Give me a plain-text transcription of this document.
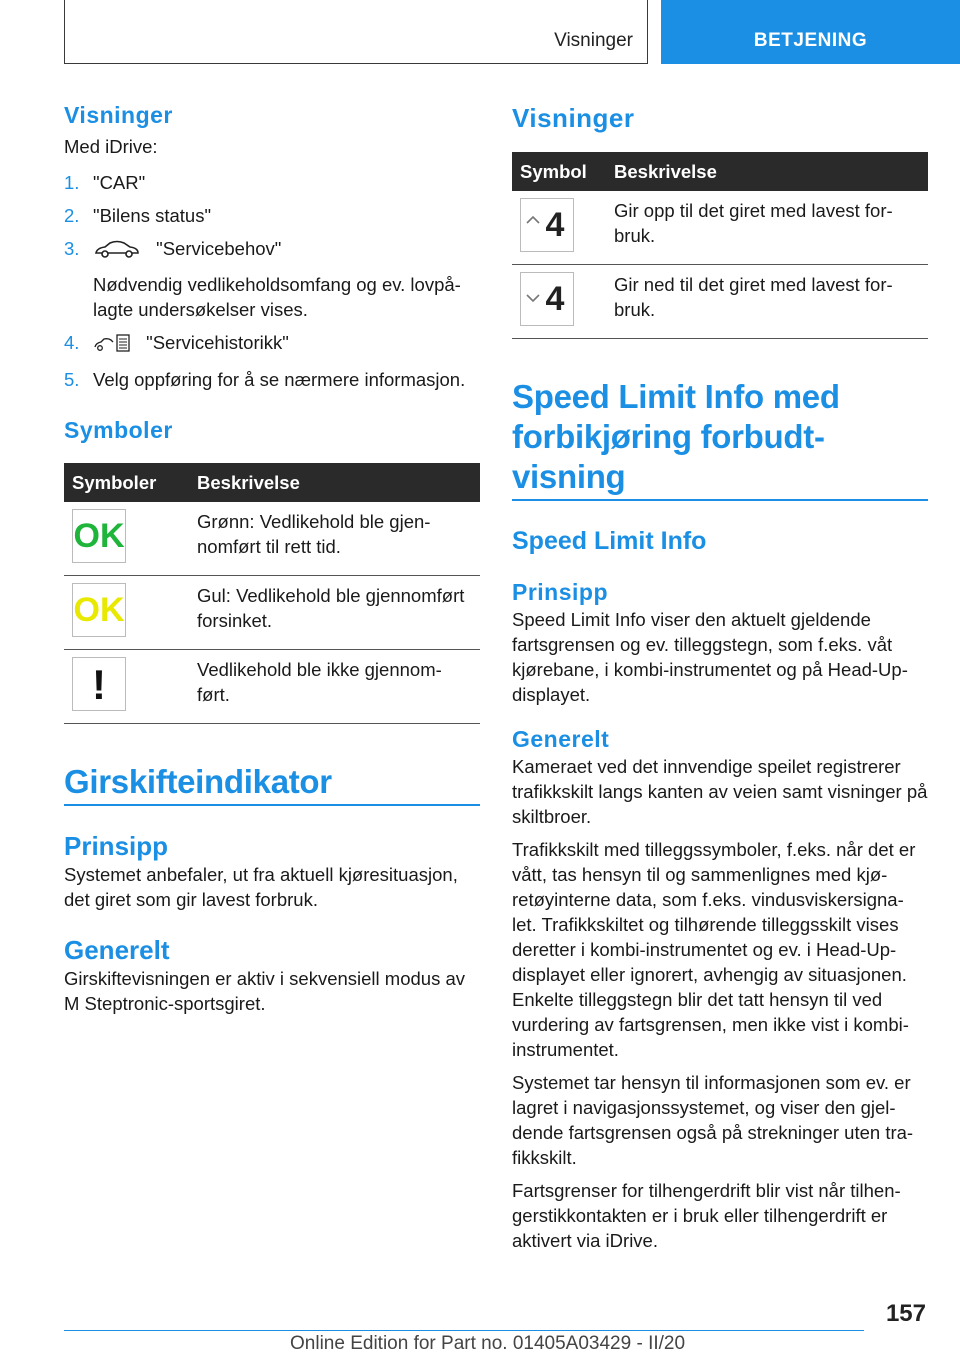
Visninger	BETJENING
Visninger

Med iDrive:

1. "CAR"
2. "Bilens status"
3.	"Servicebehov"
Nødvendig vedlikeholdsomfang og ev. lovpå-lagte undersøkelser vises.
4.	"Servicehistorikk"
5. Velg oppføring for å se nærmere informasjon.
Symboler
Symboler	Beskrivelse

OK	Grønn: Vedlikehold ble gjen-nomført til rett tid.

OK	Gul: Vedlikehold ble gjennomført forsinket.

!	Vedlikehold ble ikke gjennom-ført.
Girskifteindikator
Prinsipp

Systemet anbefaler, ut fra aktuell kjøresituasjon, det giret som gir lavest forbruk.

Generelt

Girskiftevisningen er aktiv i sekvensiell modus av M Steptronic-sportsgiret.

Visninger
Symbol	Beskrivelse

4	Gir opp til det giret med lavest for-bruk.

4	Gir ned til det giret med lavest for-bruk.
Speed Limit Info med forbikjøring forbudt-visning
Speed Limit Info
Prinsipp

Speed Limit Info viser den aktuelt gjeldende fartsgrensen og ev. tilleggstegn, som f.eks. våt kjørebane, i kombi-instrumentet og på Head-Up-displayet.

Generelt

Kameraet ved det innvendige speilet registrerer trafikkskilt langs kanten av veien samt visninger på skiltbroer.

Trafikkskilt med tilleggssymboler, f.eks. når det er vått, tas hensyn til og sammenlignes med kjø-retøyinterne data, som f.eks. vindusviskersigna-let. Trafikkskiltet og tilhørende tilleggsskilt vises deretter i kombi-instrumentet og ev. i Head-Up-displayet eller ignorert, avhengig av situasjonen. Enkelte tilleggstegn blir det tatt hensyn til ved vurdering av fartsgrensen, men ikke vist i kombi-instrumentet.

Systemet tar hensyn til informasjonen som ev. er lagret i navigasjonssystemet, og viser den gjel-dende fartsgrensen også på strekninger uten tra-fikkskilt.

Fartsgrenser for tilhengerdrift blir vist når tilhen-gerstikkontakten er i bruk eller tilhengerdrift er aktivert via iDrive.

157
Online Edition for Part no. 01405A03429 - II/20
